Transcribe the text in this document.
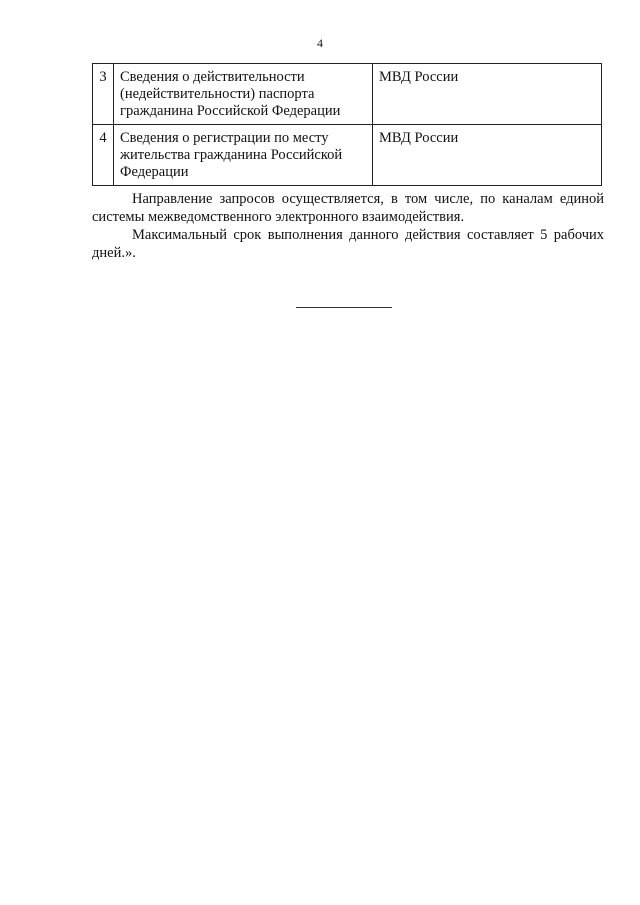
4
3	Сведения о действительности (недействительности) паспорта гражданина Российской Федерации	МВД России
4	Сведения о регистрации по месту жительства гражданина Российской Федерации	МВД России

Направление запросов осуществляется, в том числе, по каналам единой системы межведомственного электронного взаимодействия.

Максимальный срок выполнения данного действия составляет 5 рабочих дней.».
